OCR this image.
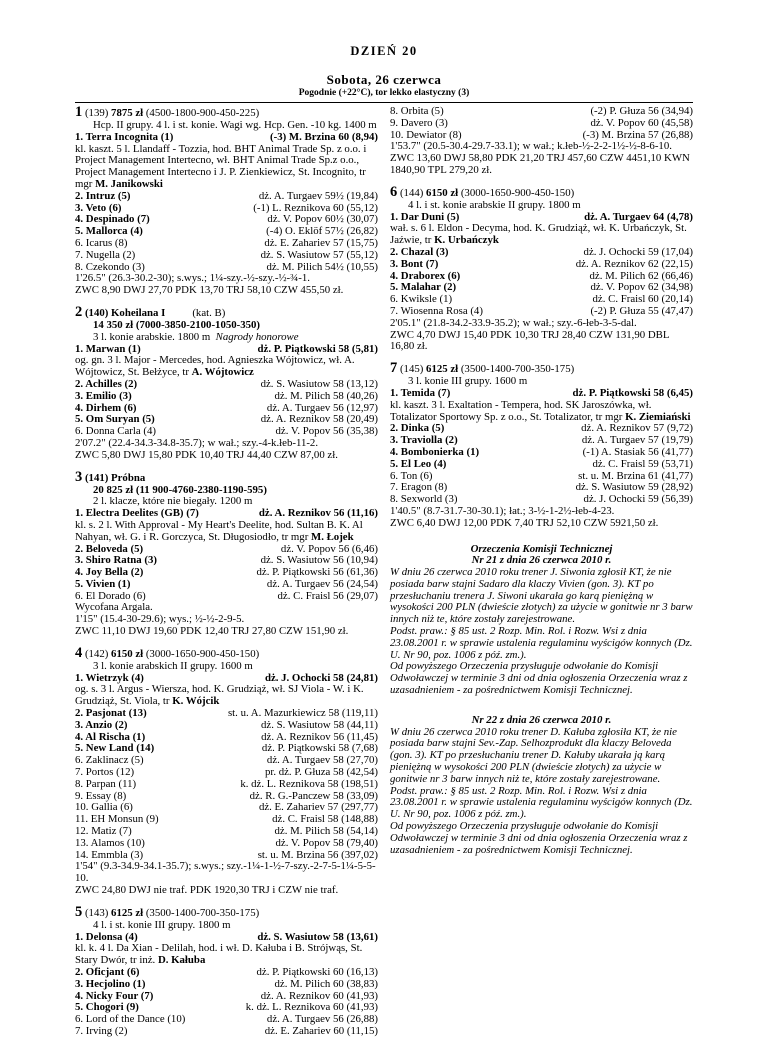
DZIEŃ 20
Sobota, 26 czerwca
Pogodnie (+22°C), tor lekko elastyczny (3)
1 (139) 7875 zł (4500-1800-900-450-225)
Hcp. II grupy. 4 l. i st. konie. Wagi wg. Hcp. Gen. -10 kg. 1400 m
1. Terra Incognita (1)	(-3) M. Brzina 60 (8,94)
kl. kaszt. 5 l. Llandaff - Tozzia, hod. BHT Animal Trade Sp. z o.o. i Project Management Intertecno, wł. BHT Animal Trade Sp.z o.o., Project Management Intertecno i J. P. Zienkiewicz, St. Incognito, tr mgr M. Janikowski
2. Intruz (5)	dż. A. Turgaev 59½ (19,84)
3. Veto (6)	(-1) L. Reznikova 60 (55,12)
4. Despinado (7)	dż. V. Popov 60½ (30,07)
5. Mallorca (4)	(-4) O. Eklöf 57½ (26,82)
6. Icarus (8)	dż. E. Zahariev 57 (15,75)
7. Nugella (2)	dż. S. Wasiutow 57 (55,12)
8. Czekondo (3)	dż. M. Pilich 54½ (10,55)
1'26.5" (26.3-30.2-30); s.wys.; 1¼-szy.-½-szy.-½-¾-1.
ZWC 8,90 DWJ 27,70 PDK 13,70 TRJ 58,10 CZW 455,50 zł.
2 (140) Koheilana I          (kat. B)
14 350 zł (7000-3850-2100-1050-350)
3 l. konie arabskie. 1800 m  Nagrody honorowe
1. Marwan (1)	dż. P. Piątkowski 58 (5,81)
og. gn. 3 l. Major - Mercedes, hod. Agnieszka Wójtowicz, wł. A. Wójtowicz, St. Bełżyce, tr A. Wójtowicz
2. Achilles (2)	dż. S. Wasiutow 58 (13,12)
3. Emilio (3)	dż. M. Pilich 58 (40,26)
4. Dirhem (6)	dż. A. Turgaev 56 (12,97)
5. Om Suryan (5)	dż. A. Reznikov 58 (20,49)
6. Donna Carla (4)	dż. V. Popov 56 (35,38)
2'07.2" (22.4-34.3-34.8-35.7); w wał.; szy.-4-k.łeb-11-2.
ZWC 5,80 DWJ 15,80 PDK 10,40 TRJ 44,40 CZW 87,00 zł.
3 (141) Próbna
20 825 zł (11 900-4760-2380-1190-595)
2 l. klacze, które nie biegały. 1200 m
1. Electra Deelites (GB) (7)	dż. A. Reznikov 56 (11,16)
kl. s. 2 l. With Approval - My Heart's Deelite, hod. Sultan B. K. Al Nahyan, wł. G. i R. Gorczyca, St. Długosiodło, tr mgr M. Łojek
2. Beloveda (5)	dż. V. Popov 56 (6,46)
3. Shiro Ratna (3)	dż. S. Wasiutow 56 (10,94)
4. Joy Bella (2)	dż. P. Piątkowski 56 (61,36)
5. Vivien (1)	dż. A. Turgaev 56 (24,54)
6. El Dorado (6)	dż. C. Fraisl 56 (29,07)
Wycofana Argala.
1'15" (15.4-30-29.6); wys.; ½-½-2-9-5.
ZWC 11,10 DWJ 19,60 PDK 12,40 TRJ 27,80 CZW 151,90 zł.
4 (142) 6150 zł (3000-1650-900-450-150)
3 l. konie arabskich II grupy. 1600 m
1. Wietrzyk (4)	dż. J. Ochocki 58 (24,81)
og. s. 3 l. Argus - Wiersza, hod. K. Grudziąż, wł. SJ Viola - W. i K. Grudziąż, St. Viola, tr K. Wójcik
2. Pasjonat (13)	st. u. A. Mazurkiewicz 58 (119,11)
3. Anzio (2)	dż. S. Wasiutow 58 (44,11)
4. Al Rischa (1)	dż. A. Reznikov 56 (11,45)
5. New Land (14)	dż. P. Piątkowski 58 (7,68)
6. Zaklinacz (5)	dż. A. Turgaev 58 (27,70)
7. Portos (12)	pr. dż. P. Głuza 58 (42,54)
8. Parpan (11)	k. dż. L. Reznikova 58 (198,51)
9. Essay (8)	dż. R. G.-Panczew 58 (33,09)
10. Gallia (6)	dż. E. Zahariev 57 (297,77)
11. EH Monsun (9)	dż. C. Fraisl 58 (148,88)
12. Matiz (7)	dż. M. Pilich 58 (54,14)
13. Alamos (10)	dż. V. Popov 58 (79,40)
14. Emmbla (3)	st. u. M. Brzina 56 (397,02)
1'54" (9.3-34.9-34.1-35.7); s.wys.; szy.-1¼-1-½-7-szy.-2-7-5-1¼-5-5-10.
ZWC 24,80 DWJ nie traf. PDK 1920,30 TRJ i CZW nie traf.
5 (143) 6125 zł (3500-1400-700-350-175)
4 l. i st. konie III grupy. 1800 m
1. Delonsa (4)	dż. S. Wasiutow 58 (13,61)
kl. k. 4 l. Da Xian - Delilah, hod. i wł. D. Kałuba i B. Strójwąs, St. Stary Dwór, tr inż. D. Kałuba
2. Oficjant (6)	dż. P. Piątkowski 60 (16,13)
3. Hecjolino (1)	dż. M. Pilich 60 (38,83)
4. Nicky Four (7)	dż. A. Reznikov 60 (41,93)
5. Chogori (9)	k. dż. L. Reznikova 60 (41,93)
6. Lord of the Dance (10)	dż. A. Turgaev 56 (26,88)
7. Irving (2)	dż. E. Zahariev 60 (11,15)
8. Orbita (5)	(-2) P. Głuza 56 (34,94)
9. Davero (3)	dż. V. Popov 60 (45,58)
10. Dewiator (8)	(-3) M. Brzina 57 (26,88)
1'53.7" (20.5-30.4-29.7-33.1); w wał.; k.łeb-½-2-2-1½-½-8-6-10.
ZWC 13,60 DWJ 58,80 PDK 21,20 TRJ 457,60 CZW 4451,10 KWN 1840,90 TPL 279,20 zł.
6 (144) 6150 zł (3000-1650-900-450-150)
4 l. i st. konie arabskie II grupy. 1800 m
1. Dar Duni (5)	dż. A. Turgaev 64 (4,78)
wał. s. 6 l. Eldon - Decyma, hod. K. Grudziąż, wł. K. Urbańczyk, St. Jaźwie, tr K. Urbańczyk
2. Chazal (3)	dż. J. Ochocki 59 (17,04)
3. Bont (7)	dż. A. Reznikov 62 (22,15)
4. Draborex (6)	dż. M. Pilich 62 (66,46)
5. Malahar (2)	dż. V. Popov 62 (34,98)
6. Kwiksle (1)	dż. C. Fraisl 60 (20,14)
7. Wiosenna Rosa (4)	(-2) P. Głuza 55 (47,47)
2'05.1" (21.8-34.2-33.9-35.2); w wał.; szy.-6-łeb-3-5-dal.
ZWC 4,70 DWJ 15,40 PDK 10,30 TRJ 28,40 CZW 131,90 DBL 16,80 zł.
7 (145) 6125 zł (3500-1400-700-350-175)
3 l. konie III grupy. 1600 m
1. Temida (7)	dż. P. Piątkowski 58 (6,45)
kl. kaszt. 3 l. Exaltation - Tempera, hod. SK Jaroszówka, wł. Totalizator Sportowy Sp. z o.o., St. Totalizator, tr mgr K. Ziemiański
2. Dinka (5)	dż. A. Reznikov 57 (9,72)
3. Traviolla (2)	dż. A. Turgaev 57 (19,79)
4. Bombonierka (1)	(-1) A. Stasiak 56 (41,77)
5. El Leo (4)	dż. C. Fraisl 59 (53,71)
6. Ton (6)	st. u. M. Brzina 61 (41,77)
7. Eragon (8)	dż. S. Wasiutow 59 (28,92)
8. Sexworld (3)	dż. J. Ochocki 59 (56,39)
1'40.5" (8.7-31.7-30-30.1); łat.; 3-½-1-2½-łeb-4-23.
ZWC 6,40 DWJ 12,00 PDK 7,40 TRJ 52,10 CZW 5921,50 zł.
Orzeczenia Komisji Technicznej
Nr 21 z dnia 26 czerwca 2010 r.
W dniu 26 czerwca 2010 roku trener J. Siwonia zgłosił KT, że nie posiada barw stajni Sadaro dla klaczy Vivien (gon. 3). KT po przesłuchaniu trenera J. Siwoni ukarała go karą pieniężną w wysokości 200 PLN (dwieście złotych) za użycie w gonitwie nr 3 barw innych niż te, które zostały zarejestrowane.
Podst. praw.: § 85 ust. 2 Rozp. Min. Rol. i Rozw. Wsi z dnia 23.08.2001 r. w sprawie ustalenia regulaminu wyścigów konnych (Dz. U. Nr 90, poz. 1006 z póź. zm.).
Od powyższego Orzeczenia przysługuje odwołanie do Komisji Odwoławczej w terminie 3 dni od dnia ogłoszenia Orzeczenia wraz z uzasadnieniem - za pośrednictwem Komisji Technicznej.
Nr 22 z dnia 26 czerwca 2010 r.
W dniu 26 czerwca 2010 roku trener D. Kałuba zgłosiła KT, że nie posiada barw stajni Sev.-Zap. Selhozprodukt dla klaczy Beloveda (gon. 3). KT po przesłuchaniu trener D. Kałuby ukarała ją karą pieniężną w wysokości 200 PLN (dwieście złotych) za użycie w gonitwie nr 3 barw innych niż te, które zostały zarejestrowane.
Podst. praw.: § 85 ust. 2 Rozp. Min. Rol. i Rozw. Wsi z dnia 23.08.2001 r. w sprawie ustalenia regulaminu wyścigów konnych (Dz. U. Nr 90, poz. 1006 z póź. zm.).
Od powyższego Orzeczenia przysługuje odwołanie do Komisji Odwoławczej w terminie 3 dni od dnia ogłoszenia Orzeczenia wraz z uzasadnieniem - za pośrednictwem Komisji Technicznej.
